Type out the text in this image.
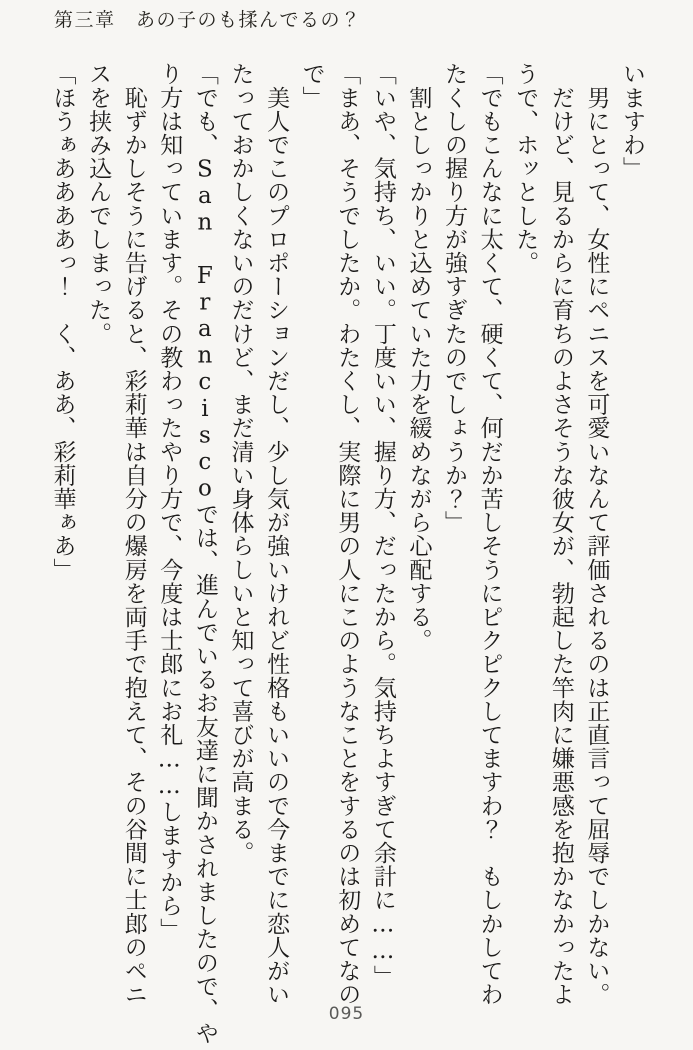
第三章　あの子のも揉んでるの？

いますわ」

　男にとって、女性にペニスを可愛いなんて評価されるのは正直言って屈辱でしかない。

　だけど、見るからに育ちのよさそうな彼女が、勃起した竿肉に嫌悪感を抱かなかったよ

うで、ホッとした。

「でもこんなに太くて、硬くて、何だか苦しそうにピクピクしてますわ？　もしかしてわ

たくしの握り方が強すぎたのでしょうか？」

　割としっかりと込めていた力を緩めながら心配する。

「いや、気持ち、いい。丁度いい、握り方、だったから。気持ちよすぎて余計に……」

「まあ、そうでしたか。わたくし、実際に男の人にこのようなことをするのは初めてなの

で」

　美人でこのプロポーションだし、少し気が強いけれど性格もいいので今までに恋人がい

たっておかしくないのだけど、まだ清い身体らしいと知って喜びが高まる。

「でも、San Franciscoでは、進んでいるお友達に聞かされましたので、や

り方は知っています。その教わったやり方で、今度は士郎にお礼……しますから」

　恥ずかしそうに告げると、彩莉華は自分の爆房を両手で抱えて、その谷間に士郎のペニ

スを挟み込んでしまった。

「ほうぁああああっ！　く、ああ、彩莉華ぁあ」

095
